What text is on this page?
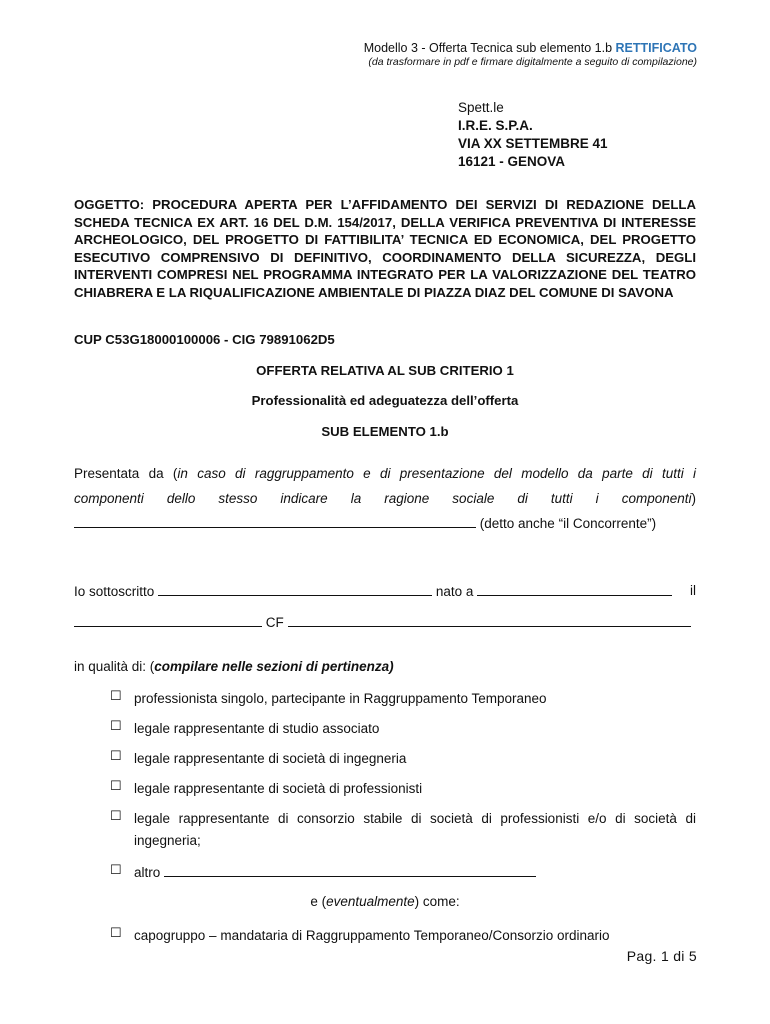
Modello 3 - Offerta Tecnica sub elemento 1.b RETTIFICATO
(da trasformare in pdf e firmare digitalmente a seguito di compilazione)
Spett.le
I.R.E. S.P.A.
VIA XX SETTEMBRE 41
16121 - GENOVA
OGGETTO: PROCEDURA APERTA PER L’AFFIDAMENTO DEI SERVIZI DI REDAZIONE DELLA SCHEDA TECNICA EX ART. 16 DEL D.M. 154/2017, DELLA VERIFICA PREVENTIVA DI INTERESSE ARCHEOLOGICO, DEL PROGETTO DI FATTIBILITA’ TECNICA ED ECONOMICA, DEL PROGETTO ESECUTIVO COMPRENSIVO DI DEFINITIVO, COORDINAMENTO DELLA SICUREZZA, DEGLI INTERVENTI COMPRESI NEL PROGRAMMA INTEGRATO PER LA VALORIZZAZIONE DEL TEATRO CHIABRERA E LA RIQUALIFICAZIONE AMBIENTALE DI PIAZZA DIAZ DEL COMUNE DI SAVONA
CUP C53G18000100006 - CIG 79891062D5
OFFERTA RELATIVA AL SUB CRITERIO 1
Professionalità ed adeguatezza dell’offerta
SUB ELEMENTO 1.b
Presentata da (in caso di raggruppamento e di presentazione del modello da parte di tutti i
componenti dello stesso indicare la ragione sociale di tutti i componenti)
(detto anche “il Concorrente”)
Io sottoscritto	nato a	il
CF
in qualità di: (compilare nelle sezioni di pertinenza)
☐ professionista singolo, partecipante in Raggruppamento Temporaneo
☐ legale rappresentante di studio associato
☐ legale rappresentante di società di ingegneria
☐ legale rappresentante di società di professionisti
☐ legale rappresentante di consorzio stabile di società di professionisti e/o di società di ingegneria;
☐ altro
e (eventualmente) come:
☐ capogruppo – mandataria di Raggruppamento Temporaneo/Consorzio ordinario
Pag. 1 di 5
